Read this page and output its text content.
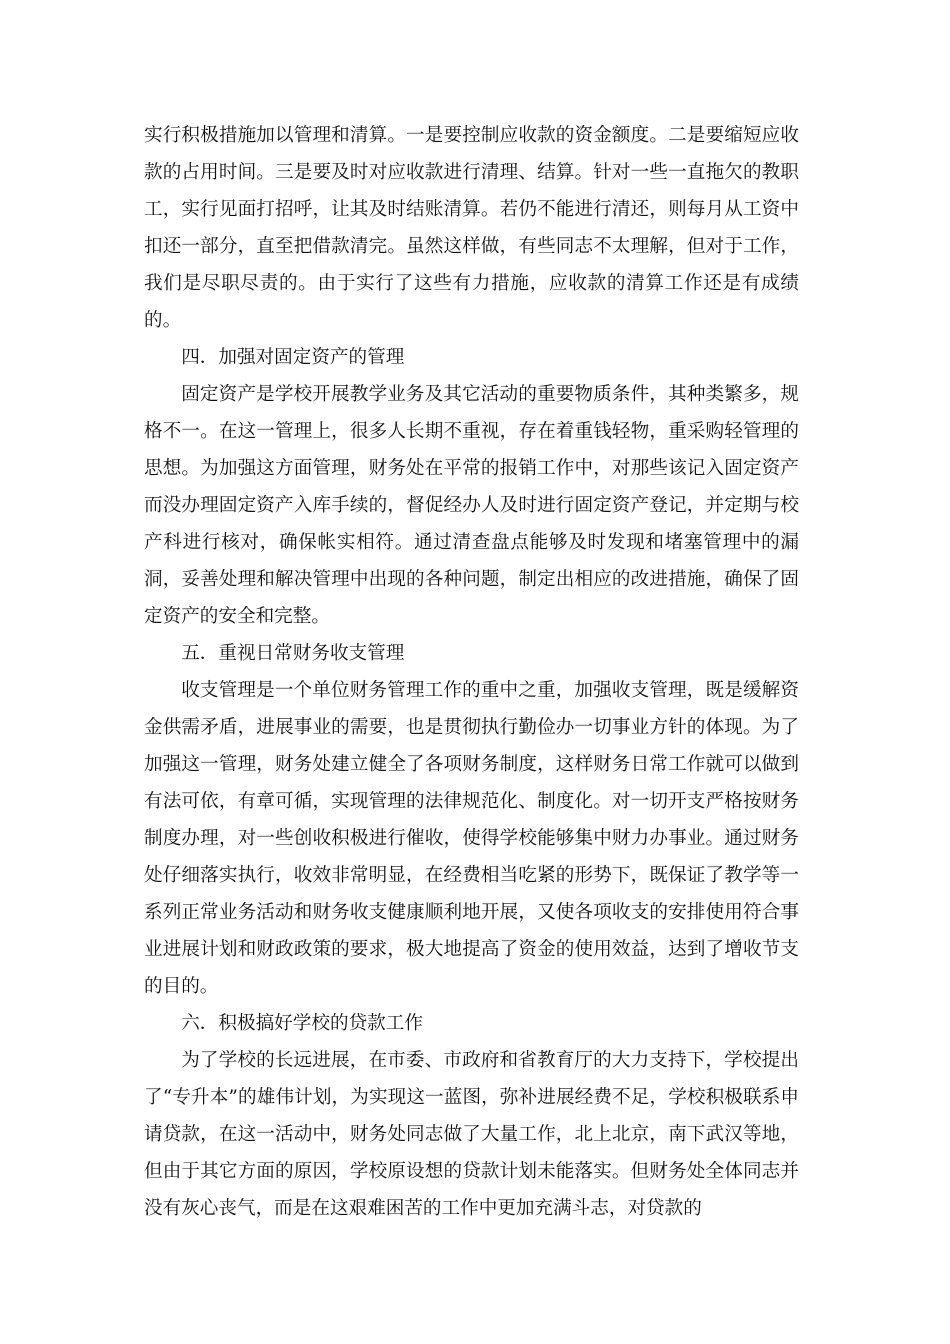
实行积极措施加以管理和清算。一是要控制应收款的资金额度。二是要缩短应收款的占用时间。三是要及时对应收款进行清理、结算。针对一些一直拖欠的教职工，实行见面打招呼，让其及时结账清算。若仍不能进行清还，则每月从工资中扣还一部分，直至把借款清完。虽然这样做，有些同志不太理解，但对于工作，我们是尽职尽责的。由于实行了这些有力措施，应收款的清算工作还是有成绩的。

四．加强对固定资产的管理

固定资产是学校开展教学业务及其它活动的重要物质条件，其种类繁多，规格不一。在这一管理上，很多人长期不重视，存在着重钱轻物，重采购轻管理的思想。为加强这方面管理，财务处在平常的报销工作中，对那些该记入固定资产而没办理固定资产入库手续的，督促经办人及时进行固定资产登记，并定期与校产科进行核对，确保帐实相符。通过清查盘点能够及时发现和堵塞管理中的漏洞，妥善处理和解决管理中出现的各种问题，制定出相应的改进措施，确保了固定资产的安全和完整。

五．重视日常财务收支管理

收支管理是一个单位财务管理工作的重中之重，加强收支管理，既是缓解资金供需矛盾，进展事业的需要，也是贯彻执行勤俭办一切事业方针的体现。为了加强这一管理，财务处建立健全了各项财务制度，这样财务日常工作就可以做到有法可依，有章可循，实现管理的法律规范化、制度化。对一切开支严格按财务制度办理，对一些创收积极进行催收，使得学校能够集中财力办事业。通过财务处仔细落实执行，收效非常明显，在经费相当吃紧的形势下，既保证了教学等一系列正常业务活动和财务收支健康顺利地开展，又使各项收支的安排使用符合事业进展计划和财政政策的要求，极大地提高了资金的使用效益，达到了增收节支的目的。

六．积极搞好学校的贷款工作

为了学校的长远进展，在市委、市政府和省教育厅的大力支持下，学校提出了“专升本”的雄伟计划，为实现这一蓝图，弥补进展经费不足，学校积极联系申请贷款，在这一活动中，财务处同志做了大量工作，北上北京，南下武汉等地，但由于其它方面的原因，学校原设想的贷款计划未能落实。但财务处全体同志并没有灰心丧气，而是在这艰难困苦的工作中更加充满斗志，对贷款的
